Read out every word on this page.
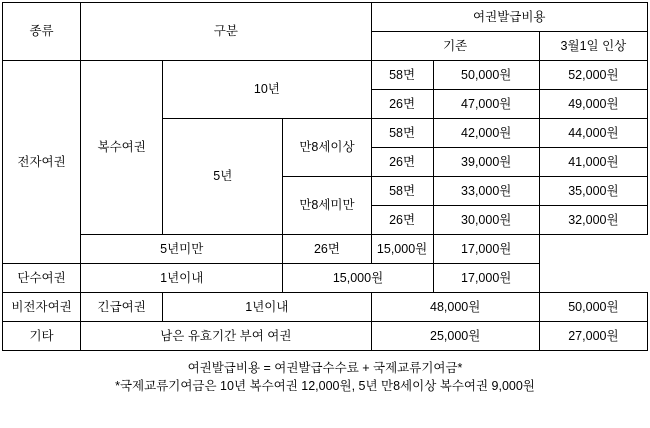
종류	구분			여권발급비용		
				기존		3월1일 인상
전자여권	복수여권	10년		58면	50,000원	52,000원
				26면	47,000원	49,000원
		5년	만8세이상	58면	42,000원	44,000원
				26면	39,000원	41,000원
			만8세미만	58면	33,000원	35,000원
				26면	30,000원	32,000원
	5년미만		26면	15,000원	17,000원	
단수여권	1년이내		15,000원		17,000원	
비전자여권	긴급여권	1년이내		48,000원		50,000원
기타	남은 유효기간 부여 여권			25,000원		27,000원
여권발급비용 = 여권발급수수료 + 국제교류기여금*
*국제교류기여금은 10년 복수여권 12,000원, 5년 만8세이상 복수여권 9,000원
